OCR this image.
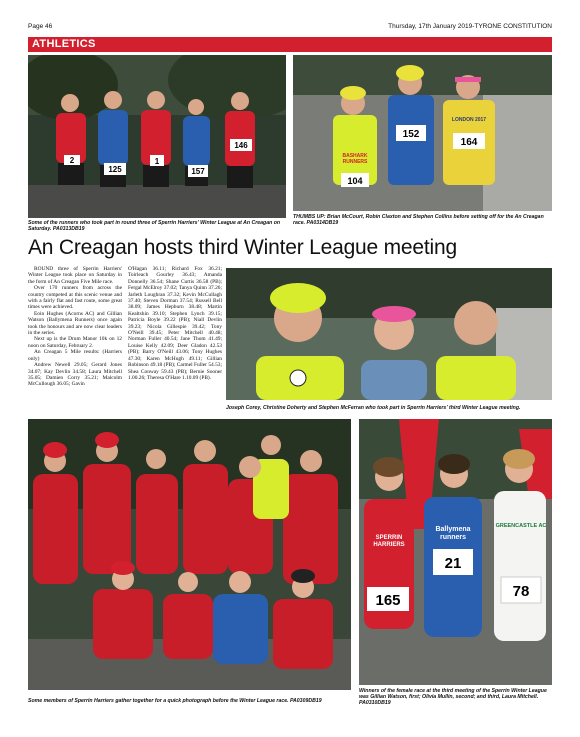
Page 46	Thursday, 17th January 2019-TYRONE CONSTITUTION
ATHLETICS
2
125
1
157
146
Some of the runners who took part in round three of Sperrin Harriers' Winter League at An Creagan on Saturday. PA0313DB19
BASHARK
RUNNERS
104
152
LONDON 2017
164
THUMBS UP: Brian McCourt, Robin Claxton and Stephen Collins before setting off for the An Creagan race. PA0314DB19
An Creagan hosts third Winter League meeting

ROUND three of Sperrin Harriers' Winter League took place on Saturday in the form of An Creagan Five Mile race.

Over 170 runners from across the country competed at this scenic venue and with a fairly flat and fast route, some great times were achieved.

Eoin Hughes (Acorns AC) and Gillian Watson (Ballymena Runners) once again took the honours and are now clear leaders in the series.

Next up is the Drum Manor 10k on 12 noon on Saturday, February 2.

An Creagan 5 Mile results: (Harriers only)

Andrew Newell 29.05; Gerard Jones 34.07; Kay Devlin 34.58; Laura Mitchell 35.05; Damien Corry 35.21; Malcolm McCullough 36.05; Gavin

O'Hagan 36.11; Richard Fox 36.21; Toirleach Gourley 36.43; Amanda Donnelly 36.54; Shane Curtis 36.58 (PB); Fergal McElroy 37.02; Tanya Quinn 37.26; Jarleth Loughran 37.32; Kevin McCullagh 37.40; Steven Dorman 37.54; Russell Bell 38.09; James Hepburn 38.48; Martin Kealtshin 39.10; Stephen Lynch 39.15; Patricia Boyle 39.22 (PB); Niall Devlin 39.23; Nicola Gillespie 39.42; Tony O'Neill 39.45; Peter Mitchell 40.48; Norman Fuller 40.54; Jane Thom 41.49; Louise Kelly 42.09; Deer Gladon 42.53 (PB); Barry O'Neill 43.06; Tony Hughes 47.30; Karen McHugh 49.11; Gillian Robinson 49.18 (PB); Carmel Fuller 54.53; Shea Conway 59.43 (PB); Bernie Sooner 1.00.26; Theresa O'Hare 1.10.09 (PB).

Joseph Corey, Christine Doherty and Stephen McFerran who took part in Sperrin Harriers' third Winter League meeting.
Some members of Sperrin Harriers gather together for a quick photograph before the Winter League race. PA0309DB19
SPERRIN
HARRIERS
165
Ballymena
runners
21
GREENCASTLE AC
78
Winners of the female race at the third meeting of the Sperrin Winter League was Gillian Watson, first; Olivia Mullin, second; and third, Laura Mitchell. PA0310DB19
